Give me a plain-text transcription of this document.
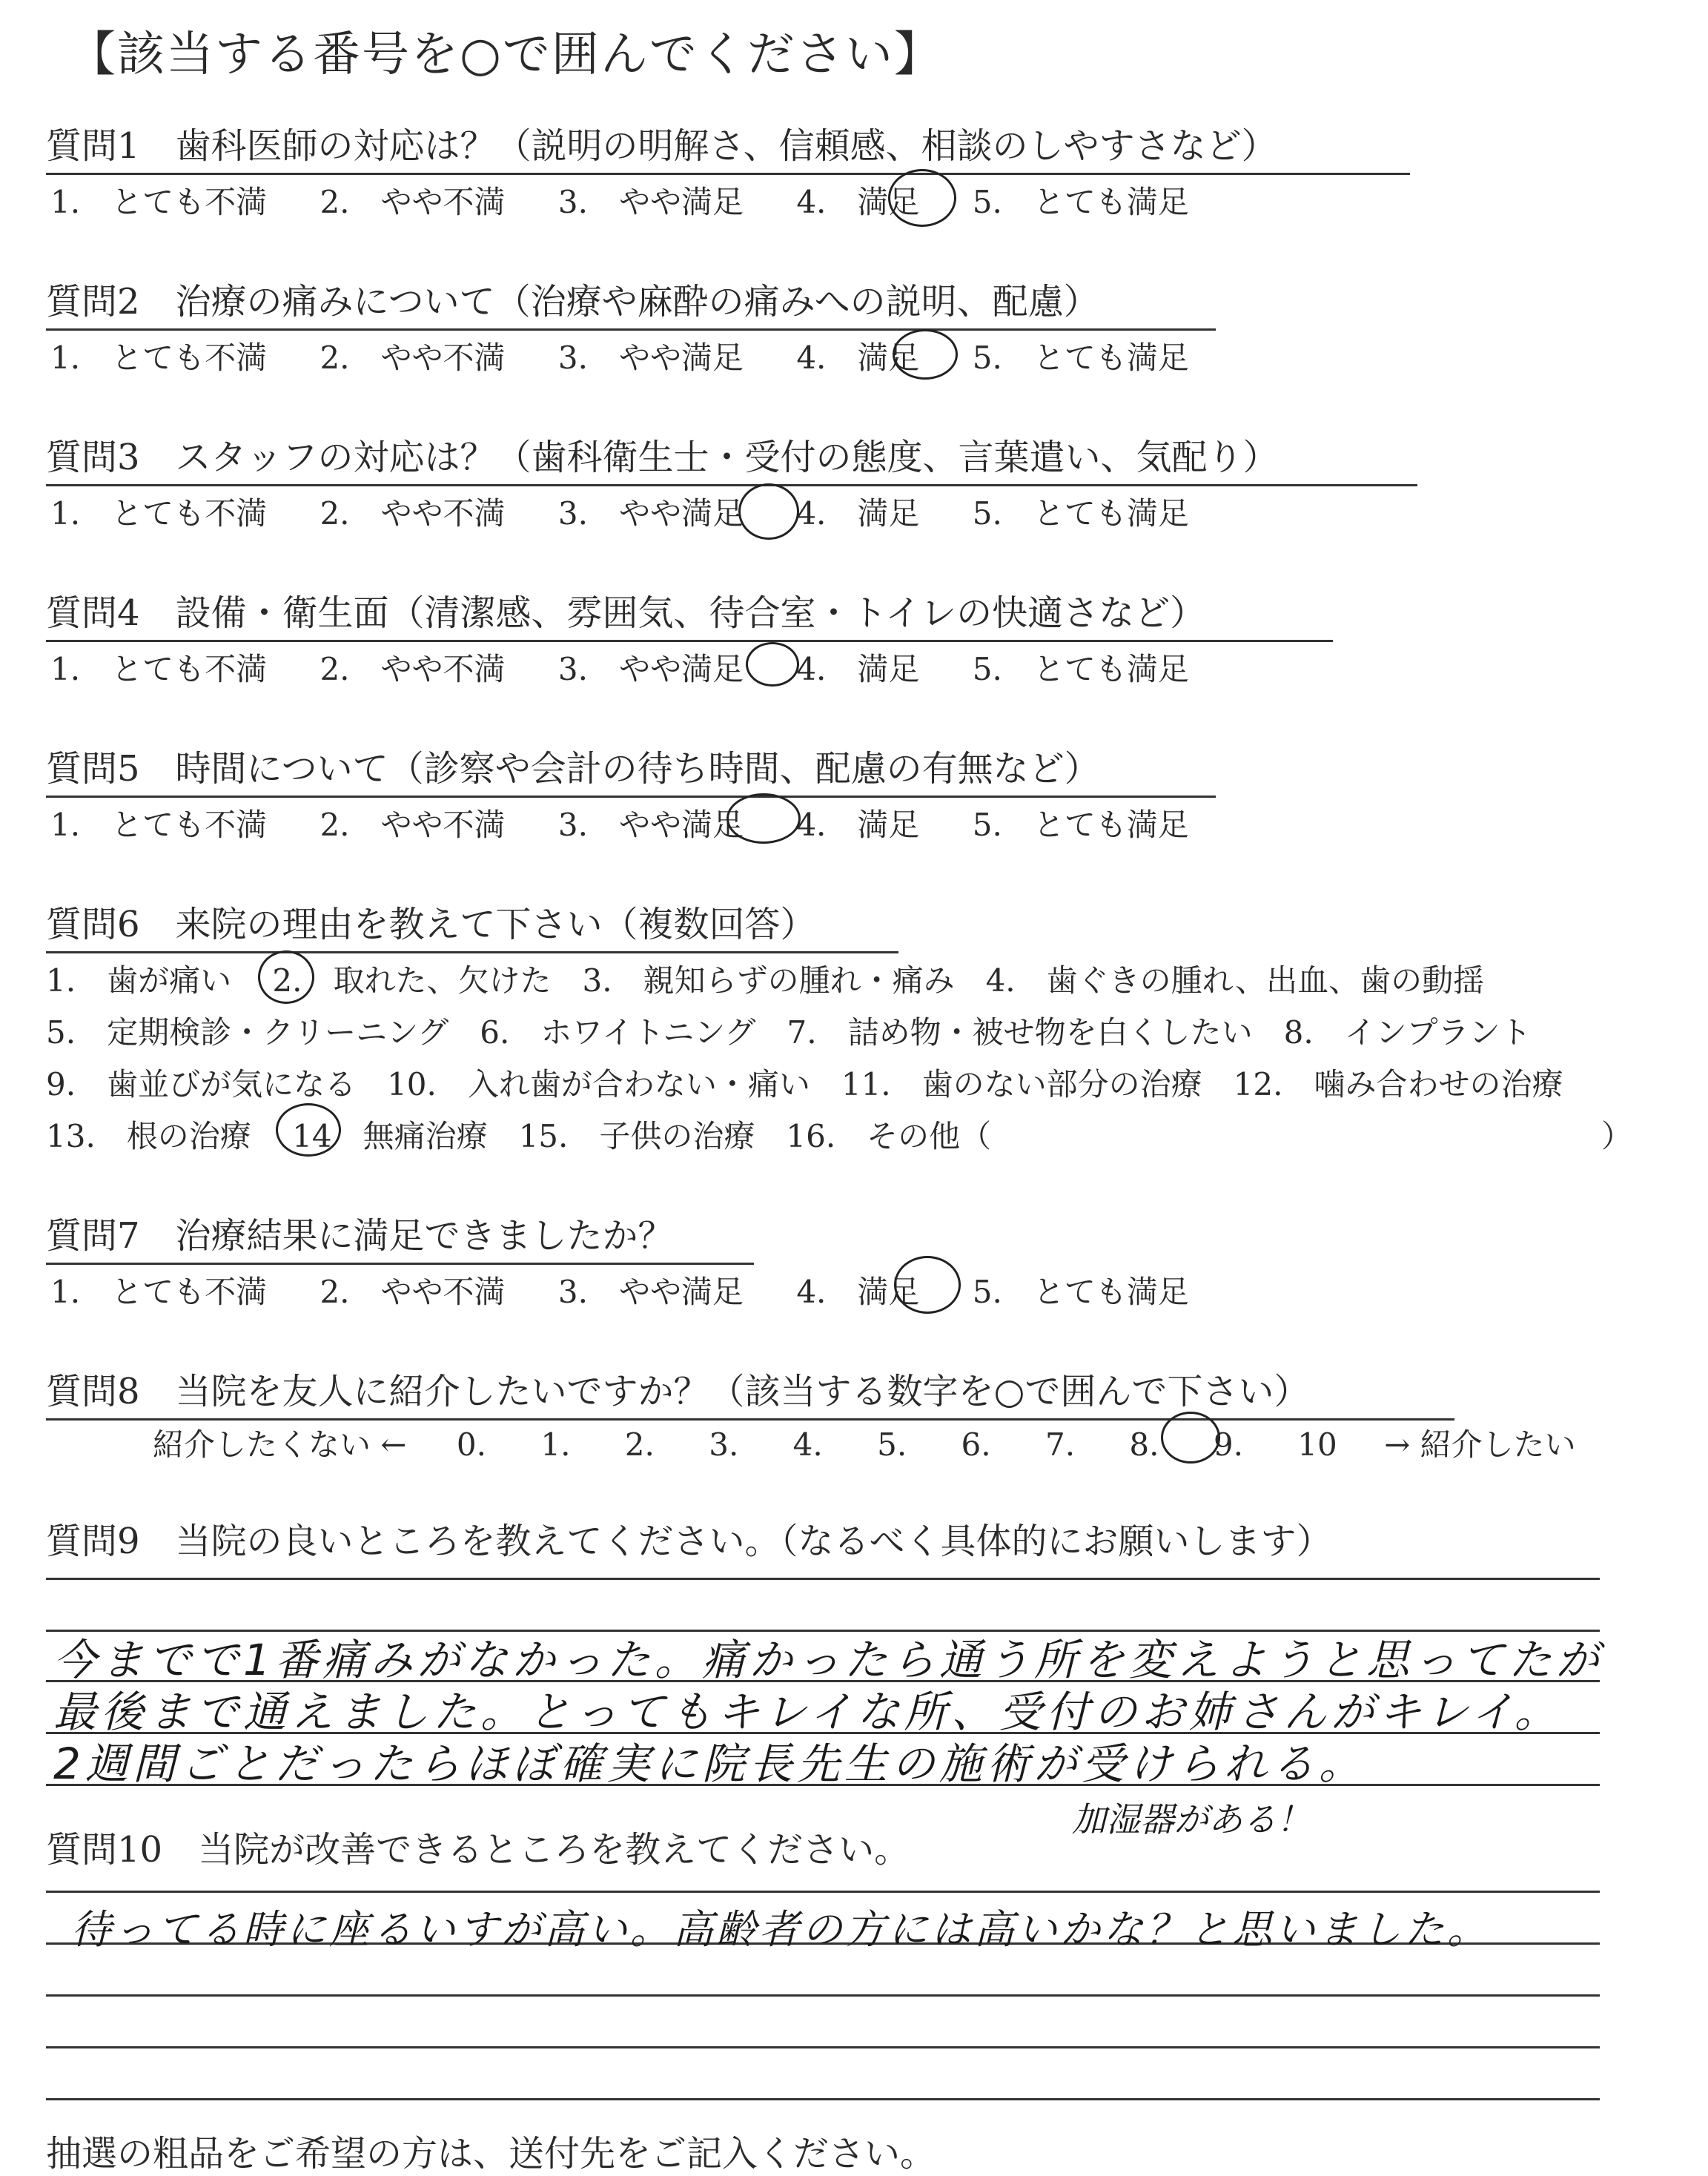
【該当する番号を○で囲んでください】
質問1　歯科医師の対応は？（説明の明解さ、信頼感、相談のしやすさなど）
1.　とても不満 2.　やや不満 3.　やや満足 4.　満足 5.　とても満足
質問2　治療の痛みについて（治療や麻酔の痛みへの説明、配慮）
1.　とても不満 2.　やや不満 3.　やや満足 4.　満足 5.　とても満足
質問3　スタッフの対応は？（歯科衛生士・受付の態度、言葉遣い、気配り）
1.　とても不満 2.　やや不満 3.　やや満足 4.　満足 5.　とても満足
質問4　設備・衛生面（清潔感、雰囲気、待合室・トイレの快適さなど）
1.　とても不満 2.　やや不満 3.　やや満足 4.　満足 5.　とても満足
質問5　時間について（診察や会計の待ち時間、配慮の有無など）
1.　とても不満 2.　やや不満 3.　やや満足 4.　満足 5.　とても満足
質問6　来院の理由を教えて下さい（複数回答）
1.　歯が痛い　 2.　取れた、欠けた　3.　親知らずの腫れ・痛み　4.　歯ぐきの腫れ、出血、歯の動揺
5.　定期検診・クリーニング　6.　ホワイトニング　7.　詰め物・被せ物を白くしたい　8.　インプラント
9.　歯並びが気になる　10.　入れ歯が合わない・痛い　11.　歯のない部分の治療　12.　噛み合わせの治療
13.　根の治療　 14　無痛治療　15.　子供の治療　16.　その他（	）
質問7　治療結果に満足できましたか？
1.　とても不満 2.　やや不満 3.　やや満足 4.　満足 5.　とても満足
質問8　当院を友人に紹介したいですか？（該当する数字を○で囲んで下さい）
紹介したくない ← 0. 1. 2. 3. 4. 5. 6. 7. 8. 9. 10 → 紹介したい
質問9　当院の良いところを教えてください。（なるべく具体的にお願いします）
今までで1番痛みがなかった。痛かったら通う所を変えようと思ってたが
最後まで通えました。とってもキレイな所、受付のお姉さんがキレイ。
2週間ごとだったらほぼ確実に院長先生の施術が受けられる。
加湿器がある！
質問10　当院が改善できるところを教えてください。
待ってる時に座るいすが高い。高齢者の方には高いかな？と思いました。
抽選の粗品をご希望の方は、送付先をご記入ください。
